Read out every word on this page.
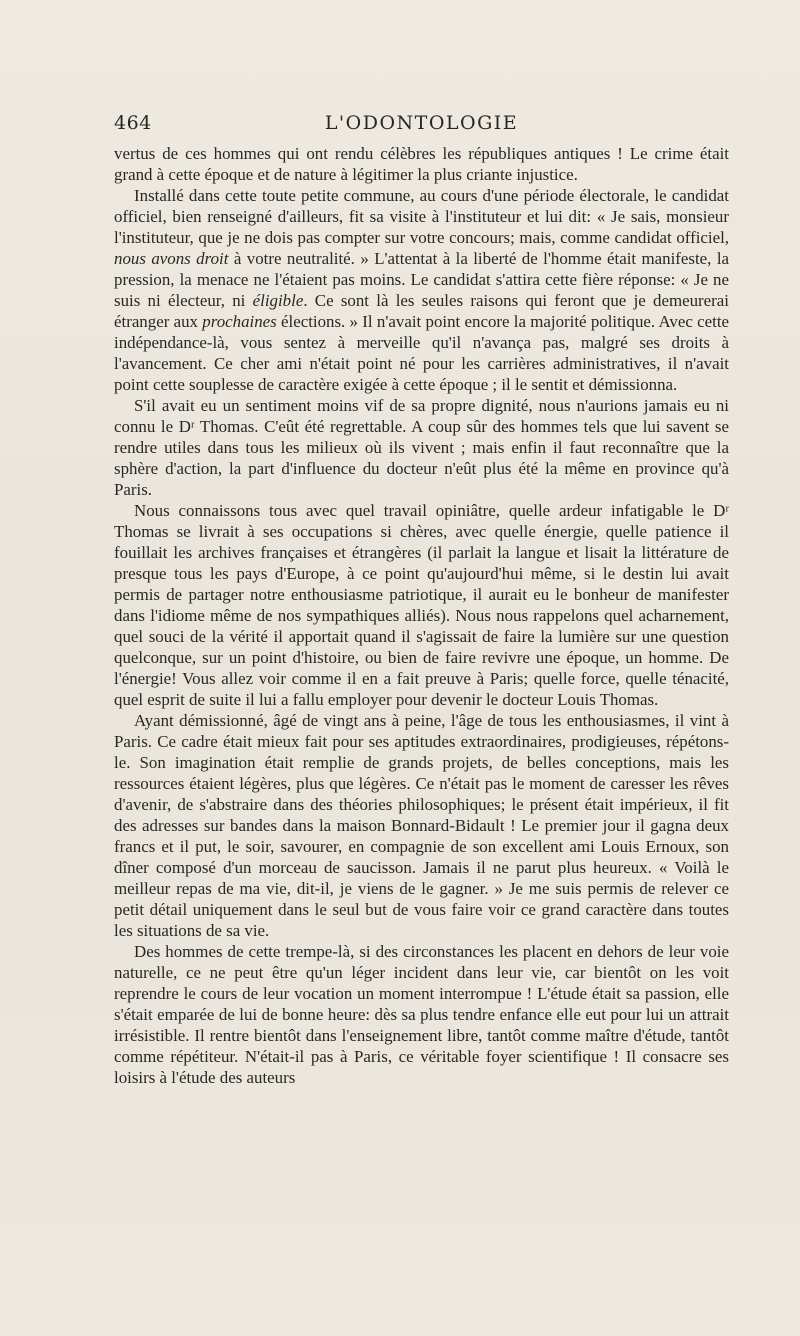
L'ODONTOLOGIE
464

vertus de ces hommes qui ont rendu célèbres les républiques antiques ! Le crime était grand à cette époque et de nature à légitimer la plus criante injustice.

Installé dans cette toute petite commune, au cours d'une période électorale, le candidat officiel, bien renseigné d'ailleurs, fit sa visite à l'instituteur et lui dit: « Je sais, monsieur l'instituteur, que je ne dois pas compter sur votre concours; mais, comme candidat officiel, nous avons droit à votre neutralité. » L'attentat à la liberté de l'homme était manifeste, la pression, la menace ne l'étaient pas moins. Le candidat s'attira cette fière réponse: « Je ne suis ni électeur, ni éligible. Ce sont là les seules raisons qui feront que je demeurerai étranger aux prochaines élections. » Il n'avait point encore la majorité politique. Avec cette indépendance-là, vous sentez à merveille qu'il n'avança pas, malgré ses droits à l'avancement. Ce cher ami n'était point né pour les carrières administratives, il n'avait point cette souplesse de caractère exigée à cette époque ; il le sentit et démissionna.

S'il avait eu un sentiment moins vif de sa propre dignité, nous n'aurions jamais eu ni connu le Dʳ Thomas. C'eût été regrettable. A coup sûr des hommes tels que lui savent se rendre utiles dans tous les milieux où ils vivent ; mais enfin il faut reconnaître que la sphère d'action, la part d'influence du docteur n'eût plus été la même en province qu'à Paris.

Nous connaissons tous avec quel travail opiniâtre, quelle ardeur infatigable le Dʳ Thomas se livrait à ses occupations si chères, avec quelle énergie, quelle patience il fouillait les archives françaises et étrangères (il parlait la langue et lisait la littérature de presque tous les pays d'Europe, à ce point qu'aujourd'hui même, si le destin lui avait permis de partager notre enthousiasme patriotique, il aurait eu le bonheur de manifester dans l'idiome même de nos sympathiques alliés). Nous nous rappelons quel acharnement, quel souci de la vérité il apportait quand il s'agissait de faire la lumière sur une question quelconque, sur un point d'histoire, ou bien de faire revivre une époque, un homme. De l'énergie! Vous allez voir comme il en a fait preuve à Paris; quelle force, quelle ténacité, quel esprit de suite il lui a fallu employer pour devenir le docteur Louis Thomas.

Ayant démissionné, âgé de vingt ans à peine, l'âge de tous les enthousiasmes, il vint à Paris. Ce cadre était mieux fait pour ses aptitudes extraordinaires, prodigieuses, répétons-le. Son imagination était remplie de grands projets, de belles conceptions, mais les ressources étaient légères, plus que légères. Ce n'était pas le moment de caresser les rêves d'avenir, de s'abstraire dans des théories philosophiques; le présent était impérieux, il fit des adresses sur bandes dans la maison Bonnard-Bidault ! Le premier jour il gagna deux francs et il put, le soir, savourer, en compagnie de son excellent ami Louis Ernoux, son dîner composé d'un morceau de saucisson. Jamais il ne parut plus heureux. « Voilà le meilleur repas de ma vie, dit-il, je viens de le gagner. » Je me suis permis de relever ce petit détail uniquement dans le seul but de vous faire voir ce grand caractère dans toutes les situations de sa vie.

Des hommes de cette trempe-là, si des circonstances les placent en dehors de leur voie naturelle, ce ne peut être qu'un léger incident dans leur vie, car bientôt on les voit reprendre le cours de leur vocation un moment interrompue ! L'étude était sa passion, elle s'était emparée de lui de bonne heure: dès sa plus tendre enfance elle eut pour lui un attrait irrésistible. Il rentre bientôt dans l'enseignement libre, tantôt comme maître d'étude, tantôt comme répétiteur. N'était-il pas à Paris, ce véritable foyer scientifique ! Il consacre ses loisirs à l'étude des auteurs
